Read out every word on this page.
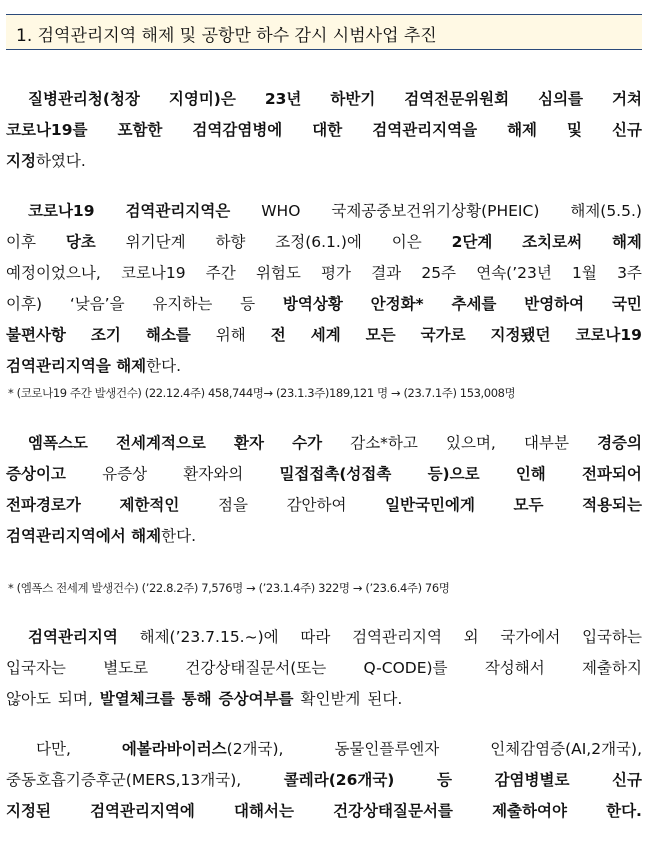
1. 검역관리지역 해제 및 공항만 하수 감시 시범사업 추진
질병관리청(청장 지영미)은 23년 하반기 검역전문위원회 심의를 거쳐
코로나19를 포함한 검역감염병에 대한 검역관리지역을 해제 및 신규
지정 하였다.
코로나19 검역관리지역은 WHO 국제공중보건위기상황(PHEIC) 해제(5.5.)
이후 당초 위기단계 하향 조정(6.1.)에 이은 2단계 조치로써 해제
예정이었으나, 코로나19 주간 위험도 평가 결과 25주 연속(’23년 1월 3주
이후) ‘낮음’을 유지하는 등 방역상황 안정화* 추세를 반영하여 국민
불편사항 조기 해소를 위해 전 세계 모든 국가로 지정됐던 코로나19
검역관리지역을 해제 한다.
* (코로나19 주간 발생건수) (22.12.4주) 458,744명→ (23.1.3주)189,121 명 → (23.7.1주) 153,008명
엠폭스도 전세계적으로 환자 수가 감소*하고 있으며, 대부분 경증의
증상이고 유증상 환자와의 밀접접촉(성접촉 등)으로 인해 전파되어
전파경로가 제한적인 점을 감안하여 일반국민에게 모두 적용되는
검역관리지역에서 해제 한다.
* (엠폭스 전세계 발생건수) (’22.8.2주) 7,576명 → (’23.1.4주) 322명 → (’23.6.4주) 76명
검역관리지역 해제(’23.7.15.~)에 따라 검역관리지역 외 국가에서 입국하는
입국자는 별도로 건강상태질문서(또는 Q-CODE)를 작성해서 제출하지
않아도 되며, 발열체크를 통해 증상여부를 확인받게 된다.
다만,	에볼라바이러스(2개국),	동물인플루엔자	인체감염증(AI,2개국),
중동호흡기증후군(MERS,13개국),	콜레라(26개국)	등	감염병별로	신규
지정된	검역관리지역에	대해서는	건강상태질문서를	제출하여야	한다.
